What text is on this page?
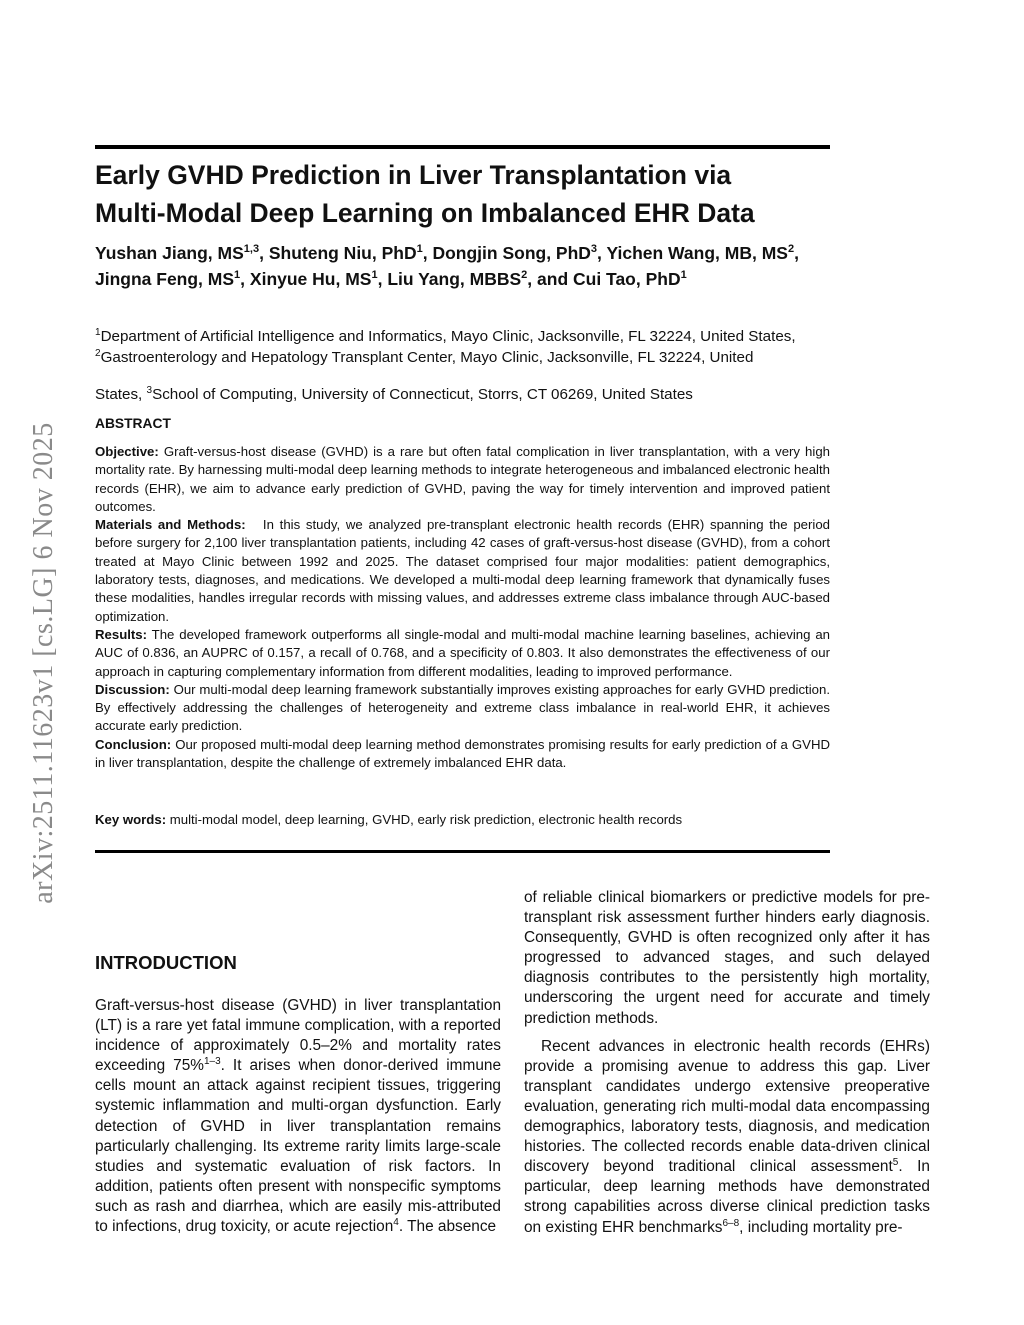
arXiv:2511.11623v1 [cs.LG] 6 Nov 2025
Early GVHD Prediction in Liver Transplantation via
Multi-Modal Deep Learning on Imbalanced EHR Data
Yushan Jiang, MS$^{1,3}$, Shuteng Niu, PhD$^1$, Dongjin Song, PhD$^3$, Yichen Wang, MB, $MS^2$, Jingna Feng, $MS^1$, Xinyue Hu, $MS^1$, Liu Yang, MBBS$^2$, and Cui Tao, PhD$^1$
$^1$Department of Artificial Intelligence and Informatics, Mayo Clinic, Jacksonville, FL 32224, United States,
$^2$Gastroenterology and Hepatology Transplant Center, Mayo Clinic, Jacksonville, FL 32224, United
States, $^3$School of Computing, University of Connecticut, Storrs, CT 06269, United States
ABSTRACT

Objective: Graft-versus-host disease (GVHD) is a rare but often fatal complication in liver transplantation, with a very high mortality rate. By harnessing multi-modal deep learning methods to integrate heterogeneous and imbalanced electronic health records (EHR), we aim to advance early prediction of GVHD, paving the way for timely intervention and improved patient outcomes.

Materials and Methods: In this study, we analyzed pre-transplant electronic health records (EHR) spanning the period before surgery for 2,100 liver transplantation patients, including 42 cases of graft-versus-host disease (GVHD), from a cohort treated at Mayo Clinic between 1992 and 2025. The dataset comprised four major modalities: patient demographics, laboratory tests, diagnoses, and medications. We developed a multi-modal deep learning framework that dynamically fuses these modalities, handles irregular records with missing values, and addresses extreme class imbalance through AUC-based optimization.

Results: The developed framework outperforms all single-modal and multi-modal machine learning baselines, achieving an AUC of 0.836, an AUPRC of 0.157, a recall of 0.768, and a specificity of 0.803. It also demonstrates the effectiveness of our approach in capturing complementary information from different modalities, leading to improved performance.

Discussion: Our multi-modal deep learning framework substantially improves existing approaches for early GVHD prediction. By effectively addressing the challenges of heterogeneity and extreme class imbalance in real-world EHR, it achieves accurate early prediction.

Conclusion: Our proposed multi-modal deep learning method demonstrates promising results for early prediction of a GVHD in liver transplantation, despite the challenge of extremely imbalanced EHR data.

Key words: multi-modal model, deep learning, GVHD, early risk prediction, electronic health records
INTRODUCTION

Graft-versus-host disease (GVHD) in liver transplantation (LT) is a rare yet fatal immune complication, with a reported incidence of approximately 0.5–2% and mortality rates exceeding 75%$^{1-3}$. It arises when donor-derived immune cells mount an attack against recipient tissues, triggering systemic inflammation and multi-organ dysfunction. Early detection of GVHD in liver transplantation remains particularly challenging. Its extreme rarity limits large-scale studies and systematic evaluation of risk factors. In addition, patients often present with nonspecific symptoms such as rash and diarrhea, which are easily mis-attributed to infections, drug toxicity, or acute rejection$^4$. The absence

of reliable clinical biomarkers or predictive models for pre-transplant risk assessment further hinders early diagnosis. Consequently, GVHD is often recognized only after it has progressed to advanced stages, and such delayed diagnosis contributes to the persistently high mortality, underscoring the urgent need for accurate and timely prediction methods.

Recent advances in electronic health records (EHRs) provide a promising avenue to address this gap. Liver transplant candidates undergo extensive preoperative evaluation, generating rich multi-modal data encompassing demographics, laboratory tests, diagnosis, and medication histories. The collected records enable data-driven clinical discovery beyond traditional clinical assessment$^5$. In particular, deep learning methods have demonstrated strong capabilities across diverse clinical prediction tasks on existing EHR benchmarks$^{6-8}$, including mortality pre-
